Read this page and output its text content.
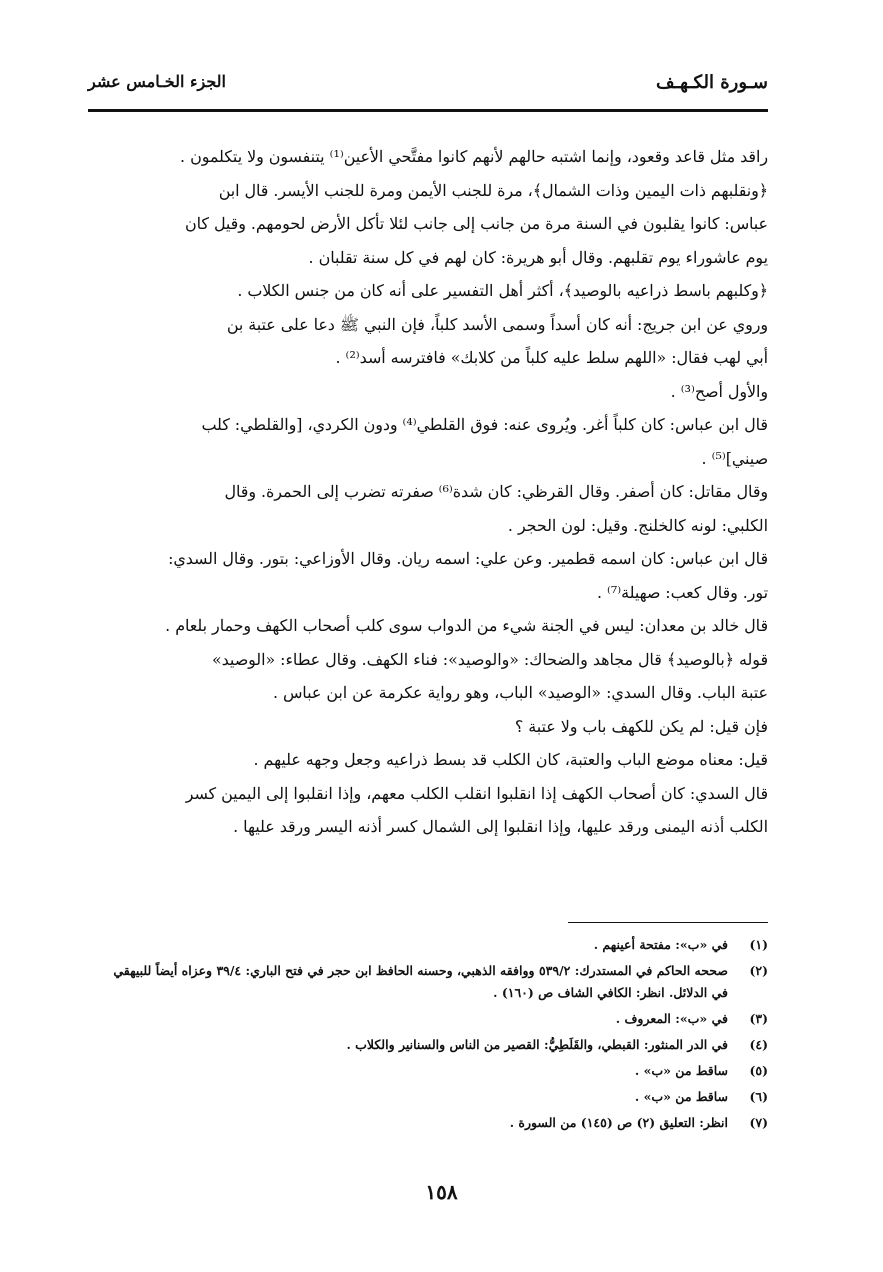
سـورة الكـهـف
الجزء الخـامس عشر
راقد مثل قاعد وقعود، وإنما اشتبه حالهم لأنهم كانوا مفتَّحي الأعين⁽¹⁾ يتنفسون ولا يتكلمون .
﴿ونقلبهم ذات اليمين وذات الشمال﴾، مرة للجنب الأيمن ومرة للجنب الأيسر. قال ابن
عباس: كانوا يقلبون في السنة مرة من جانب إلى جانب لئلا تأكل الأرض لحومهم. وقيل كان
يوم عاشوراء يوم تقلبهم. وقال أبو هريرة: كان لهم في كل سنة تقلبان .
﴿وكلبهم باسط ذراعيه بالوصيد﴾، أكثر أهل التفسير على أنه كان من جنس الكلاب .
وروي عن ابن جريج: أنه كان أسداً وسمى الأسد كلباً، فإن النبي ﷺ دعا على عتبة بن
أبي لهب فقال: «اللهم سلط عليه كلباً من كلابك» فافترسه أسد⁽²⁾ .
والأول أصح⁽³⁾ .
قال ابن عباس: كان كلباً أغر. ويُروى عنه: فوق القلطي⁽⁴⁾ ودون الكردي، [والقلطي: كلب
صيني]⁽⁵⁾ .
وقال مقاتل: كان أصفر. وقال القرظي: كان شدة⁽⁶⁾ صفرته تضرب إلى الحمرة. وقال
الكلبي: لونه كالخلنج. وقيل: لون الحجر .
قال ابن عباس: كان اسمه قطمير. وعن علي: اسمه ريان. وقال الأوزاعي: بتور. وقال السدي:
تور. وقال كعب: صهيلة⁽⁷⁾ .
قال خالد بن معدان: ليس في الجنة شيء من الدواب سوى كلب أصحاب الكهف وحمار بلعام .
قوله ﴿بالوصيد﴾ قال مجاهد والضحاك: «والوصيد»: فناء الكهف. وقال عطاء: «الوصيد»
عتبة الباب. وقال السدي: «الوصيد» الباب، وهو رواية عكرمة عن ابن عباس .
فإن قيل: لم يكن للكهف باب ولا عتبة ؟
قيل: معناه موضع الباب والعتبة، كان الكلب قد بسط ذراعيه وجعل وجهه عليهم .
قال السدي: كان أصحاب الكهف إذا انقلبوا انقلب الكلب معهم، وإذا انقلبوا إلى اليمين كسر
الكلب أذنه اليمنى ورقد عليها، وإذا انقلبوا إلى الشمال كسر أذنه اليسر ورقد عليها .
(١)
في «ب»: مفتحة أعينهم .
(٢)
صححه الحاكم في المستدرك: ٥٣٩/٢ ووافقه الذهبي، وحسنه الحافظ ابن حجر في فتح الباري: ٣٩/٤ وعزاه أيضاً للبيهقي
في الدلائل. انظر: الكافي الشاف ص (١٦٠) .
(٣)
في «ب»: المعروف .
(٤)
في الدر المنثور: القبطي، والقَلَطِيُّ: القصير من الناس والسنانير والكلاب .
(٥)
ساقط من «ب» .
(٦)
ساقط من «ب» .
(٧)
انظر: التعليق (٢) ص (١٤٥) من السورة .
١٥٨
